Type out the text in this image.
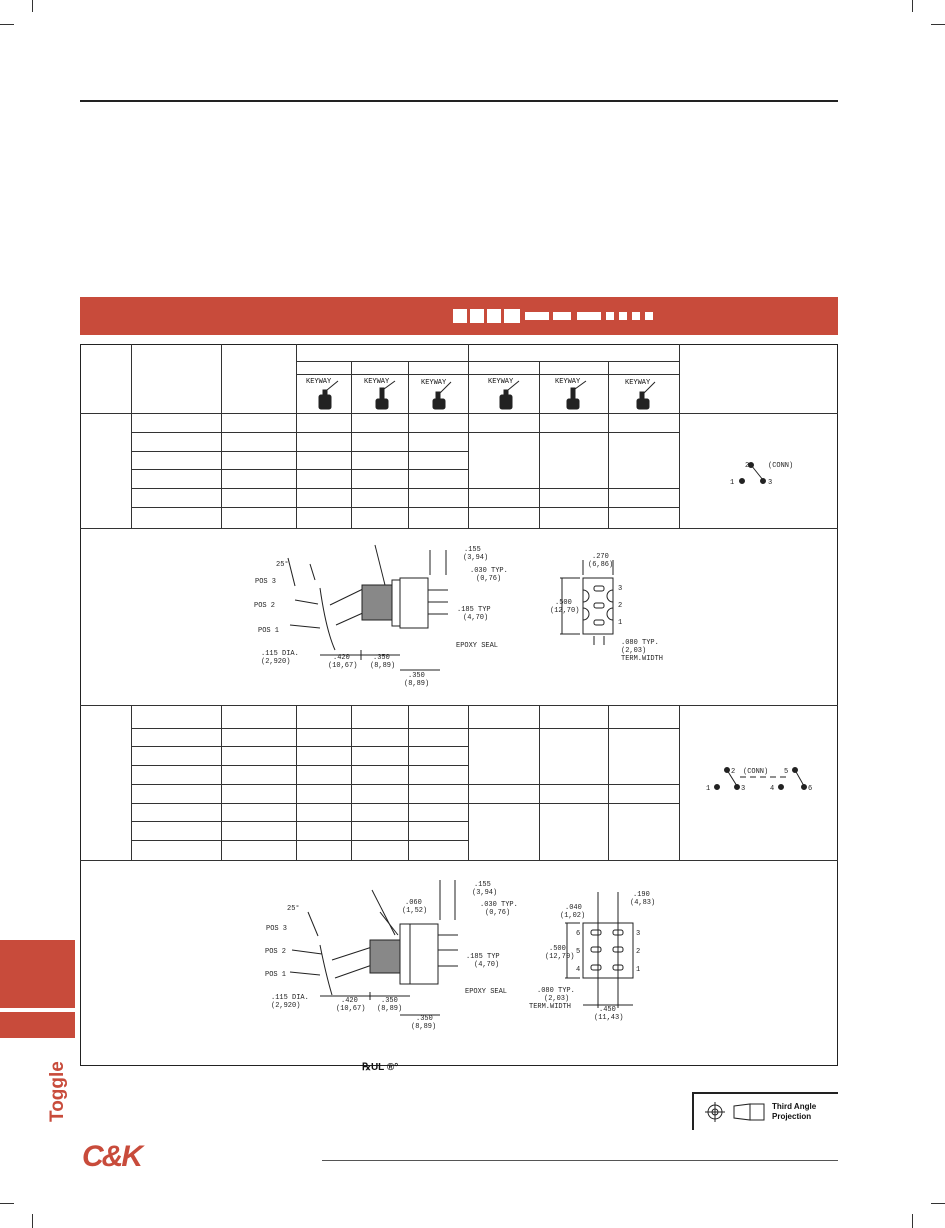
KEYWAY	KEYWAY	KEYWAY	KEYWAY	KEYWAY	KEYWAY
2	(CONN)
1	3
2 (CONN) 5
1	3	4	6
25°
POS 3
POS 2
POS 1
.115 DIA.
(2,920)	.420
(10,67)
.350
(8,89)
.350
(8,89)
.155
(3,94)
.030 TYP.
(0,76)
.185 TYP
(4,70)
EPOXY SEAL
.270
(6,86)
.500
(12,70)
3
2
1
.080 TYP.
(2,03)
TERM.WIDTH
25°
POS 3
POS 2
POS 1
.115 DIA.
(2,920)
.420
(10,67)
.350
(8,89)
.350
(8,89)
.155
(3,94)
.060
(1,52)
.030 TYP.
(0,76)
.185 TYP
(4,70)
EPOXY SEAL
.040
(1,02)
.190
(4,83)
.500
(12,70)
6
5
4
3
2
1
.080 TYP.
(2,03)
TERM.WIDTH	.450
(11,43)
℞UL ®°
Third Angle
Projection
Toggle
C&K
